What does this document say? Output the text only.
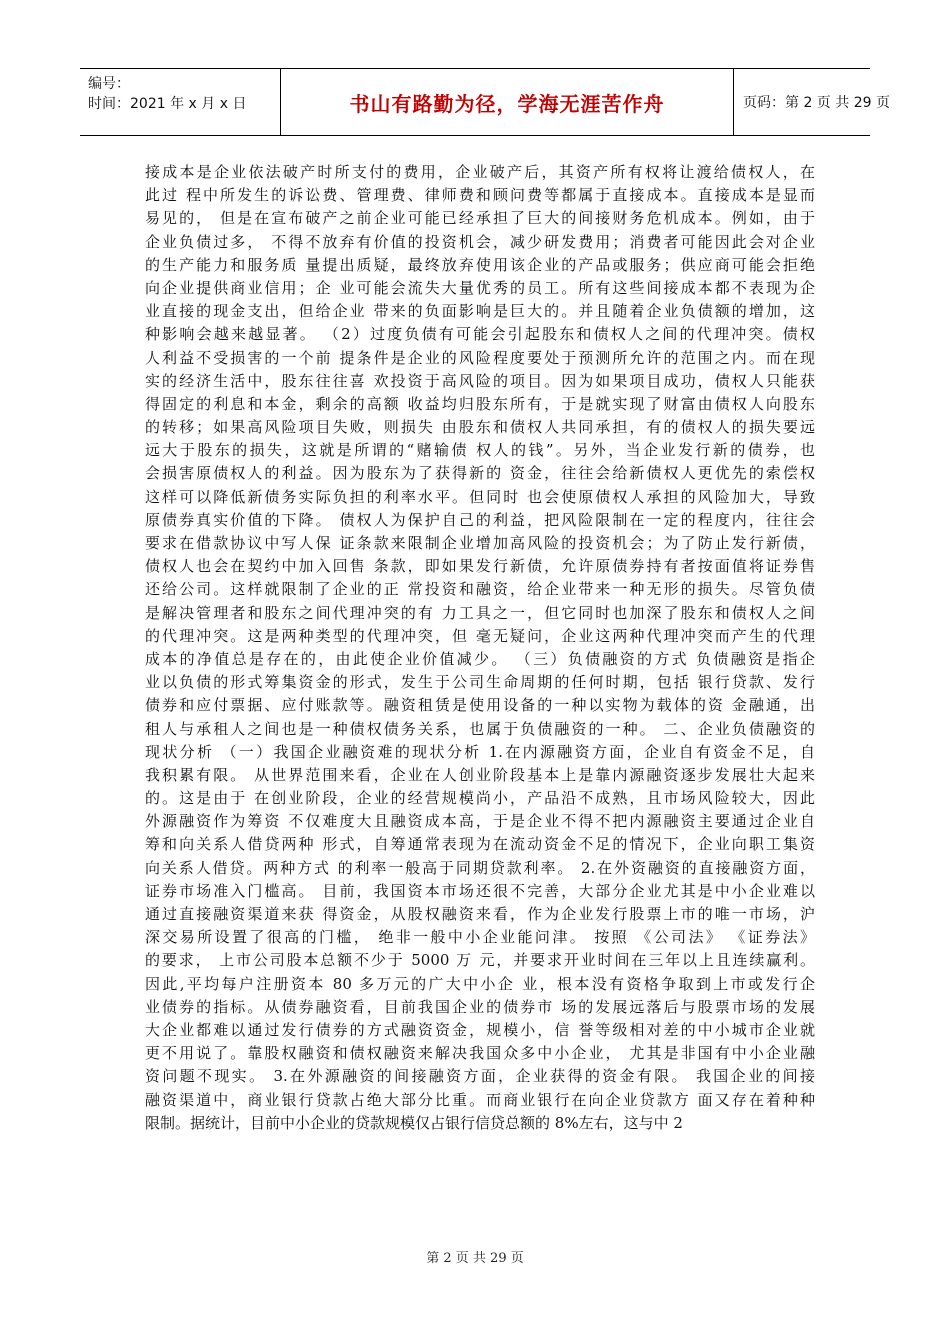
编号：
时间：2021 年 x 月 x 日	书山有路勤为径，学海无涯苦作舟	页码：第 2 页 共 29 页
接成本是企业依法破产时所支付的费用，企业破产后，其资产所有权将让渡给债权人，在
此过 程中所发生的诉讼费、管理费、律师费和顾问费等都属于直接成本。直接成本是显而
易见的， 但是在宣布破产之前企业可能已经承担了巨大的间接财务危机成本。例如，由于
企业负债过多， 不得不放弃有价值的投资机会，减少研发费用；消费者可能因此会对企业
的生产能力和服务质 量提出质疑，最终放弃使用该企业的产品或服务；供应商可能会拒绝
向企业提供商业信用；企 业可能会流失大量优秀的员工。所有这些间接成本都不表现为企
业直接的现金支出，但给企业 带来的负面影响是巨大的。并且随着企业负债额的增加，这
种影响会越来越显著。 （2）过度负债有可能会引起股东和债权人之间的代理冲突。债权
人利益不受损害的一个前 提条件是企业的风险程度要处于预测所允许的范围之内。而在现
实的经济生活中，股东往往喜 欢投资于高风险的项目。因为如果项目成功，债权人只能获
得固定的利息和本金，剩余的高额 收益均归股东所有，于是就实现了财富由债权人向股东
的转移；如果高风险项目失败，则损失 由股东和债权人共同承担，有的债权人的损失要远
远大于股东的损失，这就是所谓的“赌输债 权人的钱”。另外，当企业发行新的债券，也
会损害原债权人的利益。因为股东为了获得新的 资金，往往会给新债权人更优先的索偿权
这样可以降低新债务实际负担的利率水平。但同时 也会使原债权人承担的风险加大，导致
原债券真实价值的下降。 债权人为保护自己的利益，把风险限制在一定的程度内，往往会
要求在借款协议中写人保 证条款来限制企业增加高风险的投资机会；为了防止发行新债，
债权人也会在契约中加入回售 条款，即如果发行新债，允许原债券持有者按面值将证券售
还给公司。这样就限制了企业的正 常投资和融资，给企业带来一种无形的损失。尽管负债
是解决管理者和股东之间代理冲突的有 力工具之一，但它同时也加深了股东和债权人之间
的代理冲突。这是两种类型的代理冲突，但 毫无疑问，企业这两种代理冲突而产生的代理
成本的净值总是存在的，由此使企业价值减少。 （三）负债融资的方式 负债融资是指企
业以负债的形式筹集资金的形式，发生于公司生命周期的任何时期，包括 银行贷款、发行
债券和应付票据、应付账款等。融资租赁是使用设备的一种以实物为载体的资 金融通，出
租人与承租人之间也是一种债权债务关系，也属于负债融资的一种。 二、企业负债融资的
现状分析 （一）我国企业融资难的现状分析 1.在内源融资方面，企业自有资金不足，自
我积累有限。 从世界范围来看，企业在人创业阶段基本上是靠内源融资逐步发展壮大起来
的。这是由于 在创业阶段，企业的经营规模尚小，产品沿不成熟，且市场风险较大，因此
外源融资作为筹资 不仅难度大且融资成本高，于是企业不得不把内源融资主要通过企业自
筹和向关系人借贷两种 形式，自筹通常表现为在流动资金不足的情况下，企业向职工集资
向关系人借贷。两种方式 的利率一般高于同期贷款利率。 2.在外资融资的直接融资方面，
证券市场准入门槛高。 目前，我国资本市场还很不完善，大部分企业尤其是中小企业难以
通过直接融资渠道来获 得资金，从股权融资来看，作为企业发行股票上市的唯一市场，沪
深交易所设置了很高的门槛， 绝非一般中小企业能问津。 按照 《公司法》 《证券法》
的要求， 上市公司股本总额不少于 5000 万 元，并要求开业时间在三年以上且连续赢利。
因此,平均每户注册资本 80 多万元的广大中小企 业，根本没有资格争取到上市或发行企
业债券的指标。从债券融资看，目前我国企业的债券市 场的发展远落后与股票市场的发展
大企业都难以通过发行债券的方式融资资金，规模小，信 誉等级相对差的中小城市企业就
更不用说了。靠股权融资和债权融资来解决我国众多中小企业， 尤其是非国有中小企业融
资问题不现实。 3.在外源融资的间接融资方面，企业获得的资金有限。 我国企业的间接
融资渠道中，商业银行贷款占绝大部分比重。而商业银行在向企业贷款方 面又存在着种种
限制。据统计，目前中小企业的贷款规模仅占银行信贷总额的 8%左右，这与中 2
第 2 页 共 29 页
